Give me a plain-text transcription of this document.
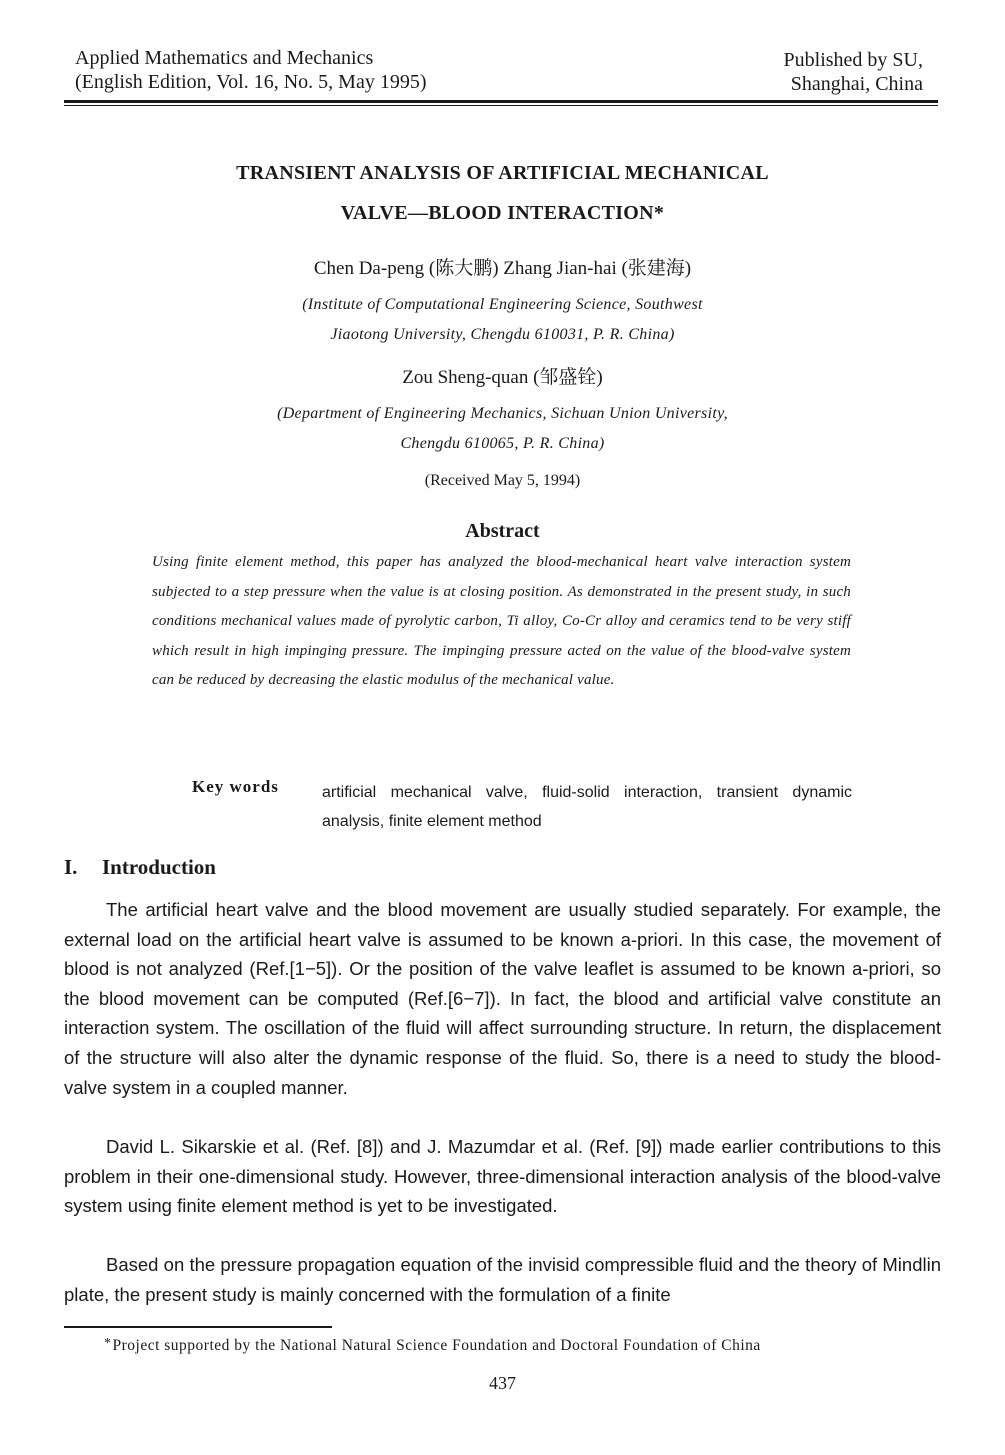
Applied Mathematics and Mechanics
(English Edition, Vol. 16, No. 5, May 1995)
Published by SU,
Shanghai, China
TRANSIENT ANALYSIS OF ARTIFICIAL MECHANICAL
VALVE—BLOOD INTERACTION*
Chen Da-peng (陈大鹏) Zhang Jian-hai (张建海)
(Institute of Computational Engineering Science, Southwest
Jiaotong University, Chengdu 610031, P. R. China)
Zou Sheng-quan (邹盛铨)
(Department of Engineering Mechanics, Sichuan Union University,
Chengdu 610065, P. R. China)
(Received May 5, 1994)
Abstract
Using finite element method, this paper has analyzed the blood-mechanical heart valve interaction system subjected to a step pressure when the value is at closing position. As demonstrated in the present study, in such conditions mechanical values made of pyrolytic carbon, Ti alloy, Co-Cr alloy and ceramics tend to be very stiff which result in high impinging pressure. The impinging pressure acted on the value of the blood-valve system can be reduced by decreasing the elastic modulus of the mechanical value.
Key words	artificial mechanical valve, fluid-solid interaction, transient dynamic analysis, finite element method
I. Introduction
The artificial heart valve and the blood movement are usually studied separately. For example, the external load on the artificial heart valve is assumed to be known a-priori. In this case, the movement of blood is not analyzed (Ref.[1−5]). Or the position of the valve leaflet is assumed to be known a-priori, so the blood movement can be computed (Ref.[6−7]). In fact, the blood and artificial valve constitute an interaction system. The oscillation of the fluid will affect surrounding structure. In return, the displacement of the structure will also alter the dynamic response of the fluid. So, there is a need to study the blood-valve system in a coupled manner.
David L. Sikarskie et al. (Ref. [8]) and J. Mazumdar et al. (Ref. [9]) made earlier contributions to this problem in their one-dimensional study. However, three-dimensional interaction analysis of the blood-valve system using finite element method is yet to be investigated.
Based on the pressure propagation equation of the invisid compressible fluid and the theory of Mindlin plate, the present study is mainly concerned with the formulation of a finite
*Project supported by the National Natural Science Foundation and Doctoral Foundation of China
437
